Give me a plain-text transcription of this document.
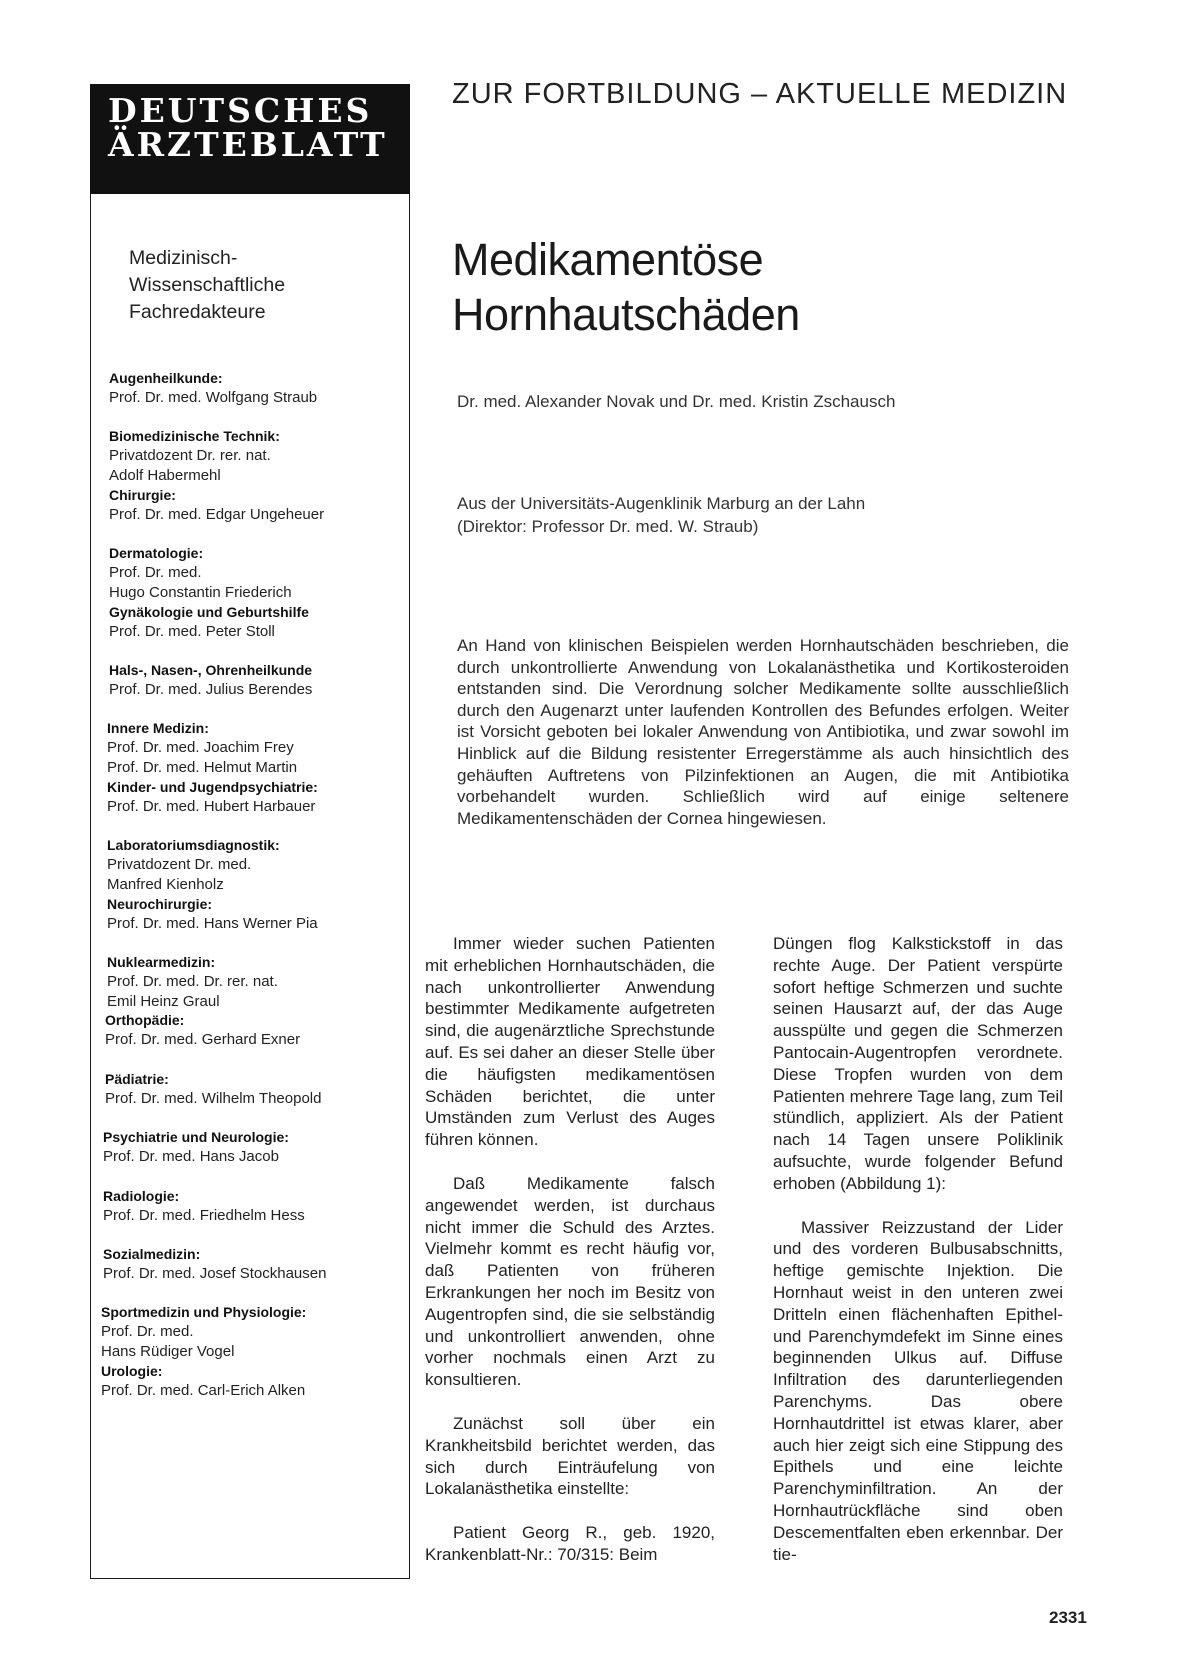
DEUTSCHES
ÄRZTEBLATT
Medizinisch-
Wissenschaftliche
Fachredakteure
Augenheilkunde:
Prof. Dr. med. Wolfgang Straub
Biomedizinische Technik:
Privatdozent Dr. rer. nat.
Adolf Habermehl
Chirurgie:
Prof. Dr. med. Edgar Ungeheuer
Dermatologie:
Prof. Dr. med.
Hugo Constantin Friederich
Gynäkologie und Geburtshilfe
Prof. Dr. med. Peter Stoll
Hals-, Nasen-, Ohrenheilkunde
Prof. Dr. med. Julius Berendes
Innere Medizin:
Prof. Dr. med. Joachim Frey
Prof. Dr. med. Helmut Martin
Kinder- und Jugendpsychiatrie:
Prof. Dr. med. Hubert Harbauer
Laboratoriumsdiagnostik:
Privatdozent Dr. med.
Manfred Kienholz
Neurochirurgie:
Prof. Dr. med. Hans Werner Pia
Nuklearmedizin:
Prof. Dr. med. Dr. rer. nat.
Emil Heinz Graul
Orthopädie:
Prof. Dr. med. Gerhard Exner
Pädiatrie:
Prof. Dr. med. Wilhelm Theopold
Psychiatrie und Neurologie:
Prof. Dr. med. Hans Jacob
Radiologie:
Prof. Dr. med. Friedhelm Hess
Sozialmedizin:
Prof. Dr. med. Josef Stockhausen
Sportmedizin und Physiologie:
Prof. Dr. med.
Hans Rüdiger Vogel
Urologie:
Prof. Dr. med. Carl-Erich Alken
ZUR FORTBILDUNG – AKTUELLE MEDIZIN
Medikamentöse
Hornhautschäden
Dr. med. Alexander Novak und Dr. med. Kristin Zschausch
Aus der Universitäts-Augenklinik Marburg an der Lahn
(Direktor: Professor Dr. med. W. Straub)

An Hand von klinischen Beispielen werden Hornhautschäden beschrieben, die durch unkontrollierte Anwendung von Lokalanästhetika und Kortikosteroiden entstanden sind. Die Verordnung solcher Medikamente sollte ausschließlich durch den Augenarzt unter laufenden Kontrollen des Befundes erfolgen. Weiter ist Vorsicht geboten bei lokaler Anwendung von Antibiotika, und zwar sowohl im Hinblick auf die Bildung resistenter Erregerstämme als auch hinsichtlich des gehäuften Auftretens von Pilzinfektionen an Augen, die mit Antibiotika vorbehandelt wurden. Schließlich wird auf einige seltenere Medikamentenschäden der Cornea hingewiesen.

Immer wieder suchen Patienten mit erheblichen Hornhautschäden, die nach unkontrollierter Anwendung bestimmter Medikamente aufgetreten sind, die augenärztliche Sprechstunde auf. Es sei daher an dieser Stelle über die häufigsten medikamentösen Schäden berichtet, die unter Umständen zum Verlust des Auges führen können.

Daß Medikamente falsch angewendet werden, ist durchaus nicht immer die Schuld des Arztes. Vielmehr kommt es recht häufig vor, daß Patienten von früheren Erkrankungen her noch im Besitz von Augentropfen sind, die sie selbständig und unkontrolliert anwenden, ohne vorher nochmals einen Arzt zu konsultieren.

Zunächst soll über ein Krankheitsbild berichtet werden, das sich durch Einträufelung von Lokalanästhetika einstellte:

Patient Georg R., geb. 1920, Krankenblatt-Nr.: 70/315: Beim

Düngen flog Kalkstickstoff in das rechte Auge. Der Patient verspürte sofort heftige Schmerzen und suchte seinen Hausarzt auf, der das Auge ausspülte und gegen die Schmerzen Pantocain-Augentropfen verordnete. Diese Tropfen wurden von dem Patienten mehrere Tage lang, zum Teil stündlich, appliziert. Als der Patient nach 14 Tagen unsere Poliklinik aufsuchte, wurde folgender Befund erhoben (Abbildung 1):

Massiver Reizzustand der Lider und des vorderen Bulbusabschnitts, heftige gemischte Injektion. Die Hornhaut weist in den unteren zwei Dritteln einen flächenhaften Epithel- und Parenchymdefekt im Sinne eines beginnenden Ulkus auf. Diffuse Infiltration des darunterliegenden Parenchyms. Das obere Hornhautdrittel ist etwas klarer, aber auch hier zeigt sich eine Stippung des Epithels und eine leichte Parenchyminfiltration. An der Hornhautrückfläche sind oben Descementfalten eben erkennbar. Der tie-

2331
